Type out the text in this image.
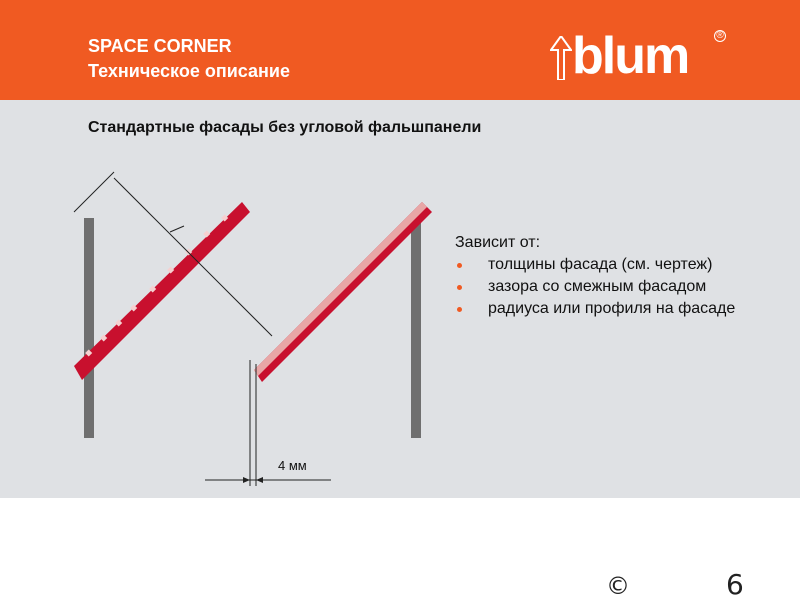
SPACE CORNER
Техническое описание	blum	®
Стандартные фасады без угловой фальшпанели
4 мм
Зависит от:
толщины фасада (см. чертеж)
зазора со смежным фасадом
радиуса или профиля на фасаде
©	6
